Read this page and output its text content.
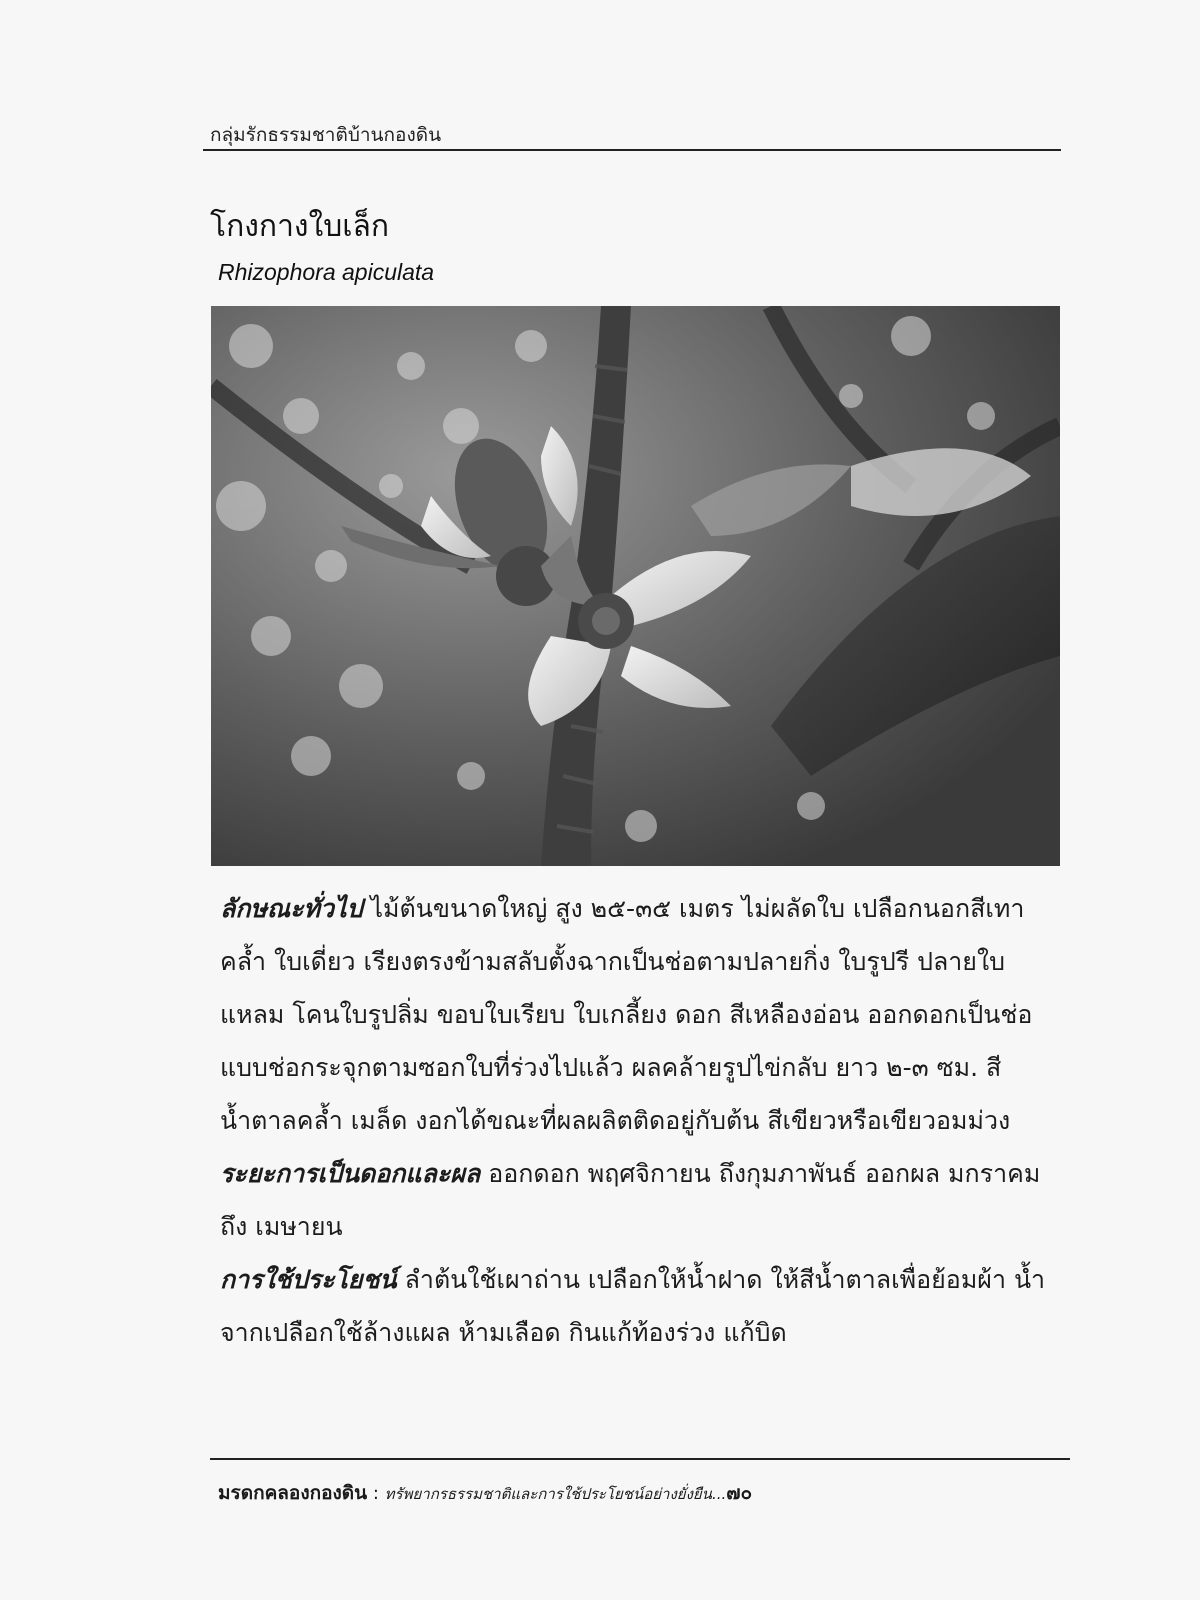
กลุ่มรักธรรมชาติบ้านกองดิน
โกงกางใบเล็ก
Rhizophora apiculata

ลักษณะทั่วไป ไม้ต้นขนาดใหญ่ สูง ๒๕-๓๕ เมตร ไม่ผลัดใบ เปลือกนอกสีเทาคล้ำ ใบเดี่ยว เรียงตรงข้ามสลับตั้งฉากเป็นช่อตามปลายกิ่ง ใบรูปรี ปลายใบแหลม โคนใบรูปลิ่ม ขอบใบเรียบ ใบเกลี้ยง ดอก สีเหลืองอ่อน ออกดอกเป็นช่อแบบช่อกระจุกตามซอกใบที่ร่วงไปแล้ว ผลคล้ายรูปไข่กลับ ยาว ๒-๓ ซม. สีน้ำตาลคล้ำ เมล็ด งอกได้ขณะที่ผลผลิตติดอยู่กับต้น สีเขียวหรือเขียวอมม่วง

ระยะการเป็นดอกและผล ออกดอก พฤศจิกายน ถึงกุมภาพันธ์ ออกผล มกราคม ถึง เมษายน

การใช้ประโยชน์ ลำต้นใช้เผาถ่าน เปลือกให้น้ำฝาด ให้สีน้ำตาลเพื่อย้อมผ้า น้ำจากเปลือกใช้ล้างแผล ห้ามเลือด กินแก้ท้องร่วง แก้บิด

มรดกคลองกองดิน : ทรัพยากรธรรมชาติและการใช้ประโยชน์อย่างยั่งยืน...๗๐
